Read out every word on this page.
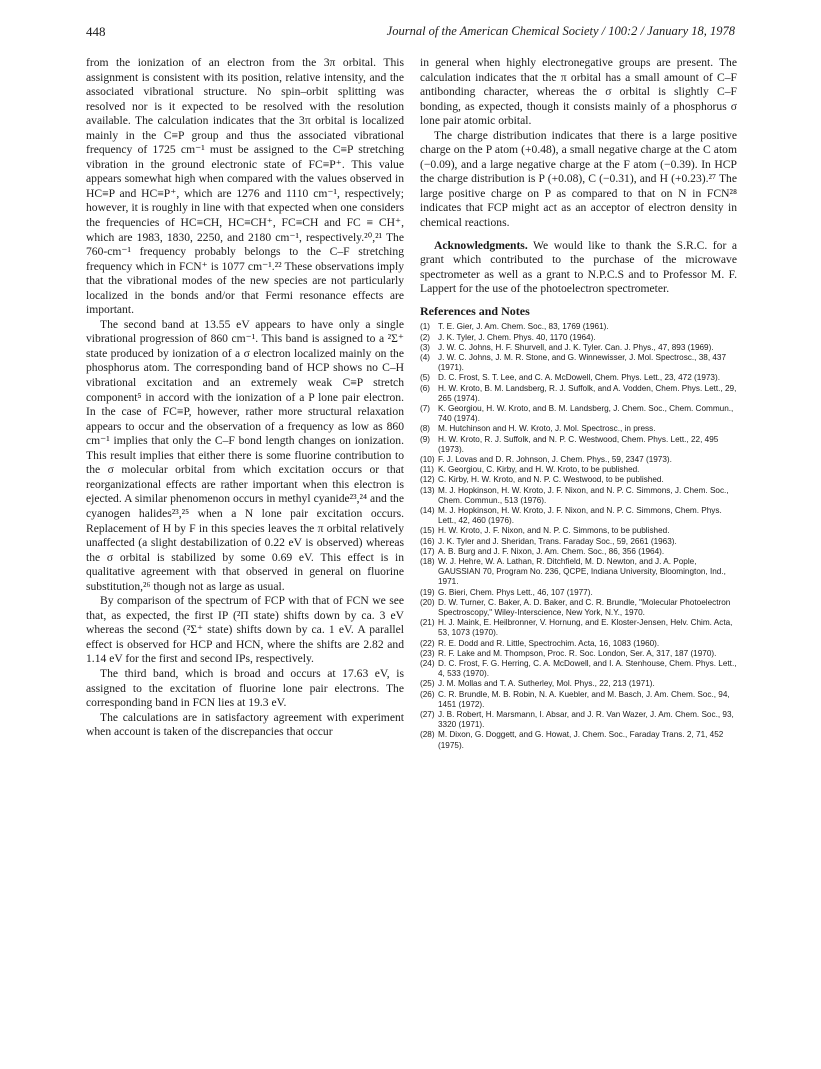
448	Journal of the American Chemical Society / 100:2 / January 18, 1978

from the ionization of an electron from the 3π orbital. This assignment is consistent with its position, relative intensity, and the associated vibrational structure. No spin–orbit splitting was resolved nor is it expected to be resolved with the resolution available. The calculation indicates that the 3π orbital is localized mainly in the C≡P group and thus the associated vibrational frequency of 1725 cm⁻¹ must be assigned to the C≡P stretching vibration in the ground electronic state of FC≡P⁺. This value appears somewhat high when compared with the values observed in HC≡P and HC≡P⁺, which are 1276 and 1110 cm⁻¹, respectively; however, it is roughly in line with that expected when one considers the frequencies of HC≡CH, HC≡CH⁺, FC≡CH and FC ≡ CH⁺, which are 1983, 1830, 2250, and 2180 cm⁻¹, respectively.²⁰,²¹ The 760-cm⁻¹ frequency probably belongs to the C–F stretching frequency which in FCN⁺ is 1077 cm⁻¹.²² These observations imply that the vibrational modes of the new species are not particularly localized in the bonds and/or that Fermi resonance effects are important.

The second band at 13.55 eV appears to have only a single vibrational progression of 860 cm⁻¹. This band is assigned to a ²Σ⁺ state produced by ionization of a σ electron localized mainly on the phosphorus atom. The corresponding band of HCP shows no C–H vibrational excitation and an extremely weak C≡P stretch component⁵ in accord with the ionization of a P lone pair electron. In the case of FC≡P, however, rather more structural relaxation appears to occur and the observation of a frequency as low as 860 cm⁻¹ implies that only the C–F bond length changes on ionization. This result implies that either there is some fluorine contribution to the σ molecular orbital from which excitation occurs or that reorganizational effects are rather important when this electron is ejected. A similar phenomenon occurs in methyl cyanide²³,²⁴ and the cyanogen halides²³,²⁵ when a N lone pair excitation occurs. Replacement of H by F in this species leaves the π orbital relatively unaffected (a slight destabilization of 0.22 eV is observed) whereas the σ orbital is stabilized by some 0.69 eV. This effect is in qualitative agreement with that observed in general on fluorine substitution,²⁶ though not as large as usual.

By comparison of the spectrum of FCP with that of FCN we see that, as expected, the first IP (²Π state) shifts down by ca. 3 eV whereas the second (²Σ⁺ state) shifts down by ca. 1 eV. A parallel effect is observed for HCP and HCN, where the shifts are 2.82 and 1.14 eV for the first and second IPs, respectively.

The third band, which is broad and occurs at 17.63 eV, is assigned to the excitation of fluorine lone pair electrons. The corresponding band in FCN lies at 19.3 eV.

The calculations are in satisfactory agreement with experiment when account is taken of the discrepancies that occur

in general when highly electronegative groups are present. The calculation indicates that the π orbital has a small amount of C–F antibonding character, whereas the σ orbital is slightly C–F bonding, as expected, though it consists mainly of a phosphorus σ lone pair atomic orbital.

The charge distribution indicates that there is a large positive charge on the P atom (+0.48), a small negative charge at the C atom (−0.09), and a large negative charge at the F atom (−0.39). In HCP the charge distribution is P (+0.08), C (−0.31), and H (+0.23).²⁷ The large positive charge on P as compared to that on N in FCN²⁸ indicates that FCP might act as an acceptor of electron density in chemical reactions.

Acknowledgments. We would like to thank the S.R.C. for a grant which contributed to the purchase of the microwave spectrometer as well as a grant to N.P.C.S and to Professor M. F. Lappert for the use of the photoelectron spectrometer.

References and Notes
(1) T. E. Gier, J. Am. Chem. Soc., 83, 1769 (1961).
(2) J. K. Tyler, J. Chem. Phys. 40, 1170 (1964).
(3) J. W. C. Johns, H. F. Shurvell, and J. K. Tyler. Can. J. Phys., 47, 893 (1969).
(4) J. W. C. Johns, J. M. R. Stone, and G. Winnewisser, J. Mol. Spectrosc., 38, 437 (1971).
(5) D. C. Frost, S. T. Lee, and C. A. McDowell, Chem. Phys. Lett., 23, 472 (1973).
(6) H. W. Kroto, B. M. Landsberg, R. J. Suffolk, and A. Vodden, Chem. Phys. Lett., 29, 265 (1974).
(7) K. Georgiou, H. W. Kroto, and B. M. Landsberg, J. Chem. Soc., Chem. Commun., 740 (1974).
(8) M. Hutchinson and H. W. Kroto, J. Mol. Spectrosc., in press.
(9) H. W. Kroto, R. J. Suffolk, and N. P. C. Westwood, Chem. Phys. Lett., 22, 495 (1973).
(10) F. J. Lovas and D. R. Johnson, J. Chem. Phys., 59, 2347 (1973).
(11) K. Georgiou, C. Kirby, and H. W. Kroto, to be published.
(12) C. Kirby, H. W. Kroto, and N. P. C. Westwood, to be published.
(13) M. J. Hopkinson, H. W. Kroto, J. F. Nixon, and N. P. C. Simmons, J. Chem. Soc., Chem. Commun., 513 (1976).
(14) M. J. Hopkinson, H. W. Kroto, J. F. Nixon, and N. P. C. Simmons, Chem. Phys. Lett., 42, 460 (1976).
(15) H. W. Kroto, J. F. Nixon, and N. P. C. Simmons, to be published.
(16) J. K. Tyler and J. Sheridan, Trans. Faraday Soc., 59, 2661 (1963).
(17) A. B. Burg and J. F. Nixon, J. Am. Chem. Soc., 86, 356 (1964).
(18) W. J. Hehre, W. A. Lathan, R. Ditchfield, M. D. Newton, and J. A. Pople, GAUSSIAN 70, Program No. 236, QCPE, Indiana University, Bloomington, Ind., 1971.
(19) G. Bieri, Chem. Phys Lett., 46, 107 (1977).
(20) D. W. Turner, C. Baker, A. D. Baker, and C. R. Brundle, "Molecular Photoelectron Spectroscopy," Wiley-Interscience, New York, N.Y., 1970.
(21) H. J. Maink, E. Heilbronner, V. Hornung, and E. Kloster-Jensen, Helv. Chim. Acta, 53, 1073 (1970).
(22) R. E. Dodd and R. Little, Spectrochim. Acta, 16, 1083 (1960).
(23) R. F. Lake and M. Thompson, Proc. R. Soc. London, Ser. A, 317, 187 (1970).
(24) D. C. Frost, F. G. Herring, C. A. McDowell, and I. A. Stenhouse, Chem. Phys. Lett., 4, 533 (1970).
(25) J. M. Mollas and T. A. Sutherley, Mol. Phys., 22, 213 (1971).
(26) C. R. Brundle, M. B. Robin, N. A. Kuebler, and M. Basch, J. Am. Chem. Soc., 94, 1451 (1972).
(27) J. B. Robert, H. Marsmann, I. Absar, and J. R. Van Wazer, J. Am. Chem. Soc., 93, 3320 (1971).
(28) M. Dixon, G. Doggett, and G. Howat, J. Chem. Soc., Faraday Trans. 2, 71, 452 (1975).
